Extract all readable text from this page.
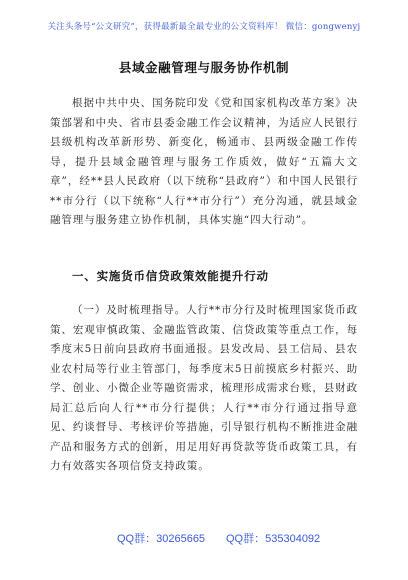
关注头条号“公文研究”，获得最新最全最专业的公文资料库！ 微信：gongwenyj
县域金融管理与服务协作机制
根据中共中央、国务院印发《党和国家机构改革方案》决策部署和中央、省市县委金融工作会议精神，为适应人民银行县级机构改革新形势、新变化，畅通市、县两级金融工作传导，提升县域金融管理与服务工作质效，做好“五篇大文章”，经**县人民政府（以下统称“县政府”）和中国人民银行**市分行（以下统称“人行**市分行”）充分沟通，就县域金融管理与服务建立协作机制，具体实施“四大行动”。
一、实施货币信贷政策效能提升行动
（一）及时梳理指导。人行**市分行及时梳理国家货币政策、宏观审慎政策、金融监管政策、信贷政策等重点工作，每季度末5日前向县政府书面通报。县发改局、县工信局、县农业农村局等行业主管部门，每季度末5日前摸底乡村振兴、助学、创业、小微企业等融资需求，梳理形成需求台账，县财政局汇总后向人行**市分行提供；人行**市分行通过指导意见、约谈督导、考核评价等措施，引导银行机构不断推进金融产品和服务方式的创新，用足用好再贷款等货币政策工具，有力有效落实各项信贷支持政策。
QQ群：30265665 QQ群：535304092
